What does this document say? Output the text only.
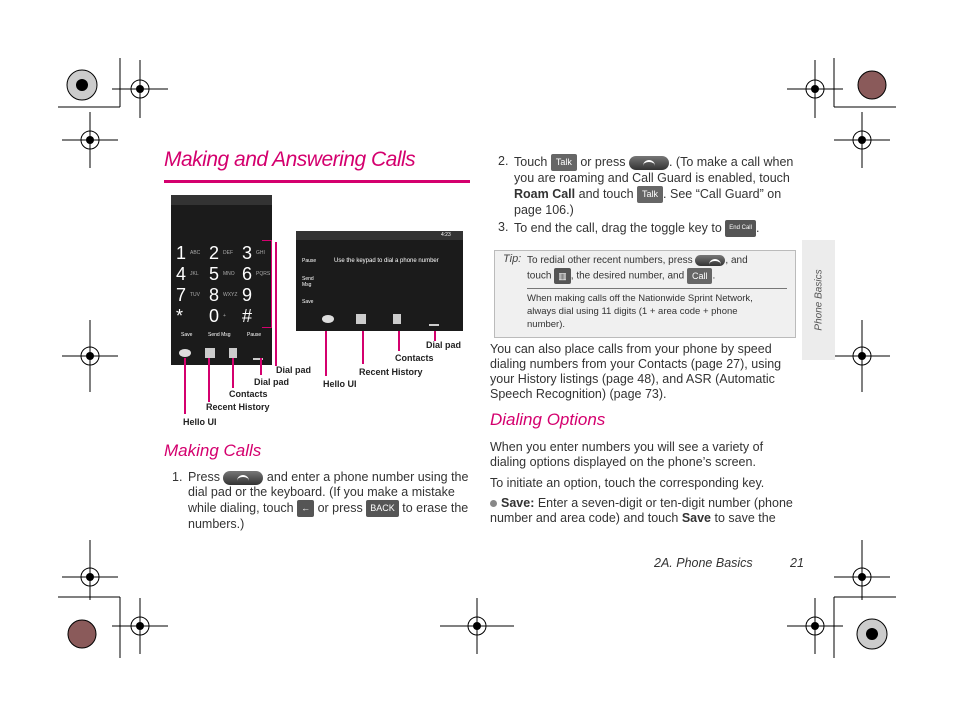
Making and Answering Calls
1 2 3
4 5 6
7 8 9
* 0 #
ABC	DEF	GHI
JKL	MNO	PQRS
TUV	WXYZ
+
Save	Send Msg	Pause
Dial pad
Dial pad
Contacts
Recent History
Hello UI
4:23
Pause
Send Msg
Save
Use the keypad to dial a phone number
Dial pad
Contacts
Recent History
Hello UI
Making Calls
1. Press	and enter a phone number using the dial pad or the keyboard. (If you make a mistake while dialing, touch ← or press BACK to erase the numbers.)
2. Touch Talk or press	. (To make a call when you are roaming and Call Guard is enabled, touch Roam Call and touch Talk . See “Call Guard” on page 106.)
3. To end the call, drag the toggle key to End Call .
Tip: To redial other recent numbers, press	, and
touch ▥ , the desired number, and Call .
When making calls off the Nationwide Sprint Network, always dial using 11 digits (1 + area code + phone number).	Phone Basics
You can also place calls from your phone by speed dialing numbers from your Contacts (page 27), using your History listings (page 48), and ASR (Automatic Speech Recognition) (page 73).
Dialing Options
When you enter numbers you will see a variety of dialing options displayed on the phone’s screen.
To initiate an option, touch the corresponding key.
Save: Enter a seven-digit or ten-digit number (phone number and area code) and touch Save to save the
2A. Phone Basics	21
